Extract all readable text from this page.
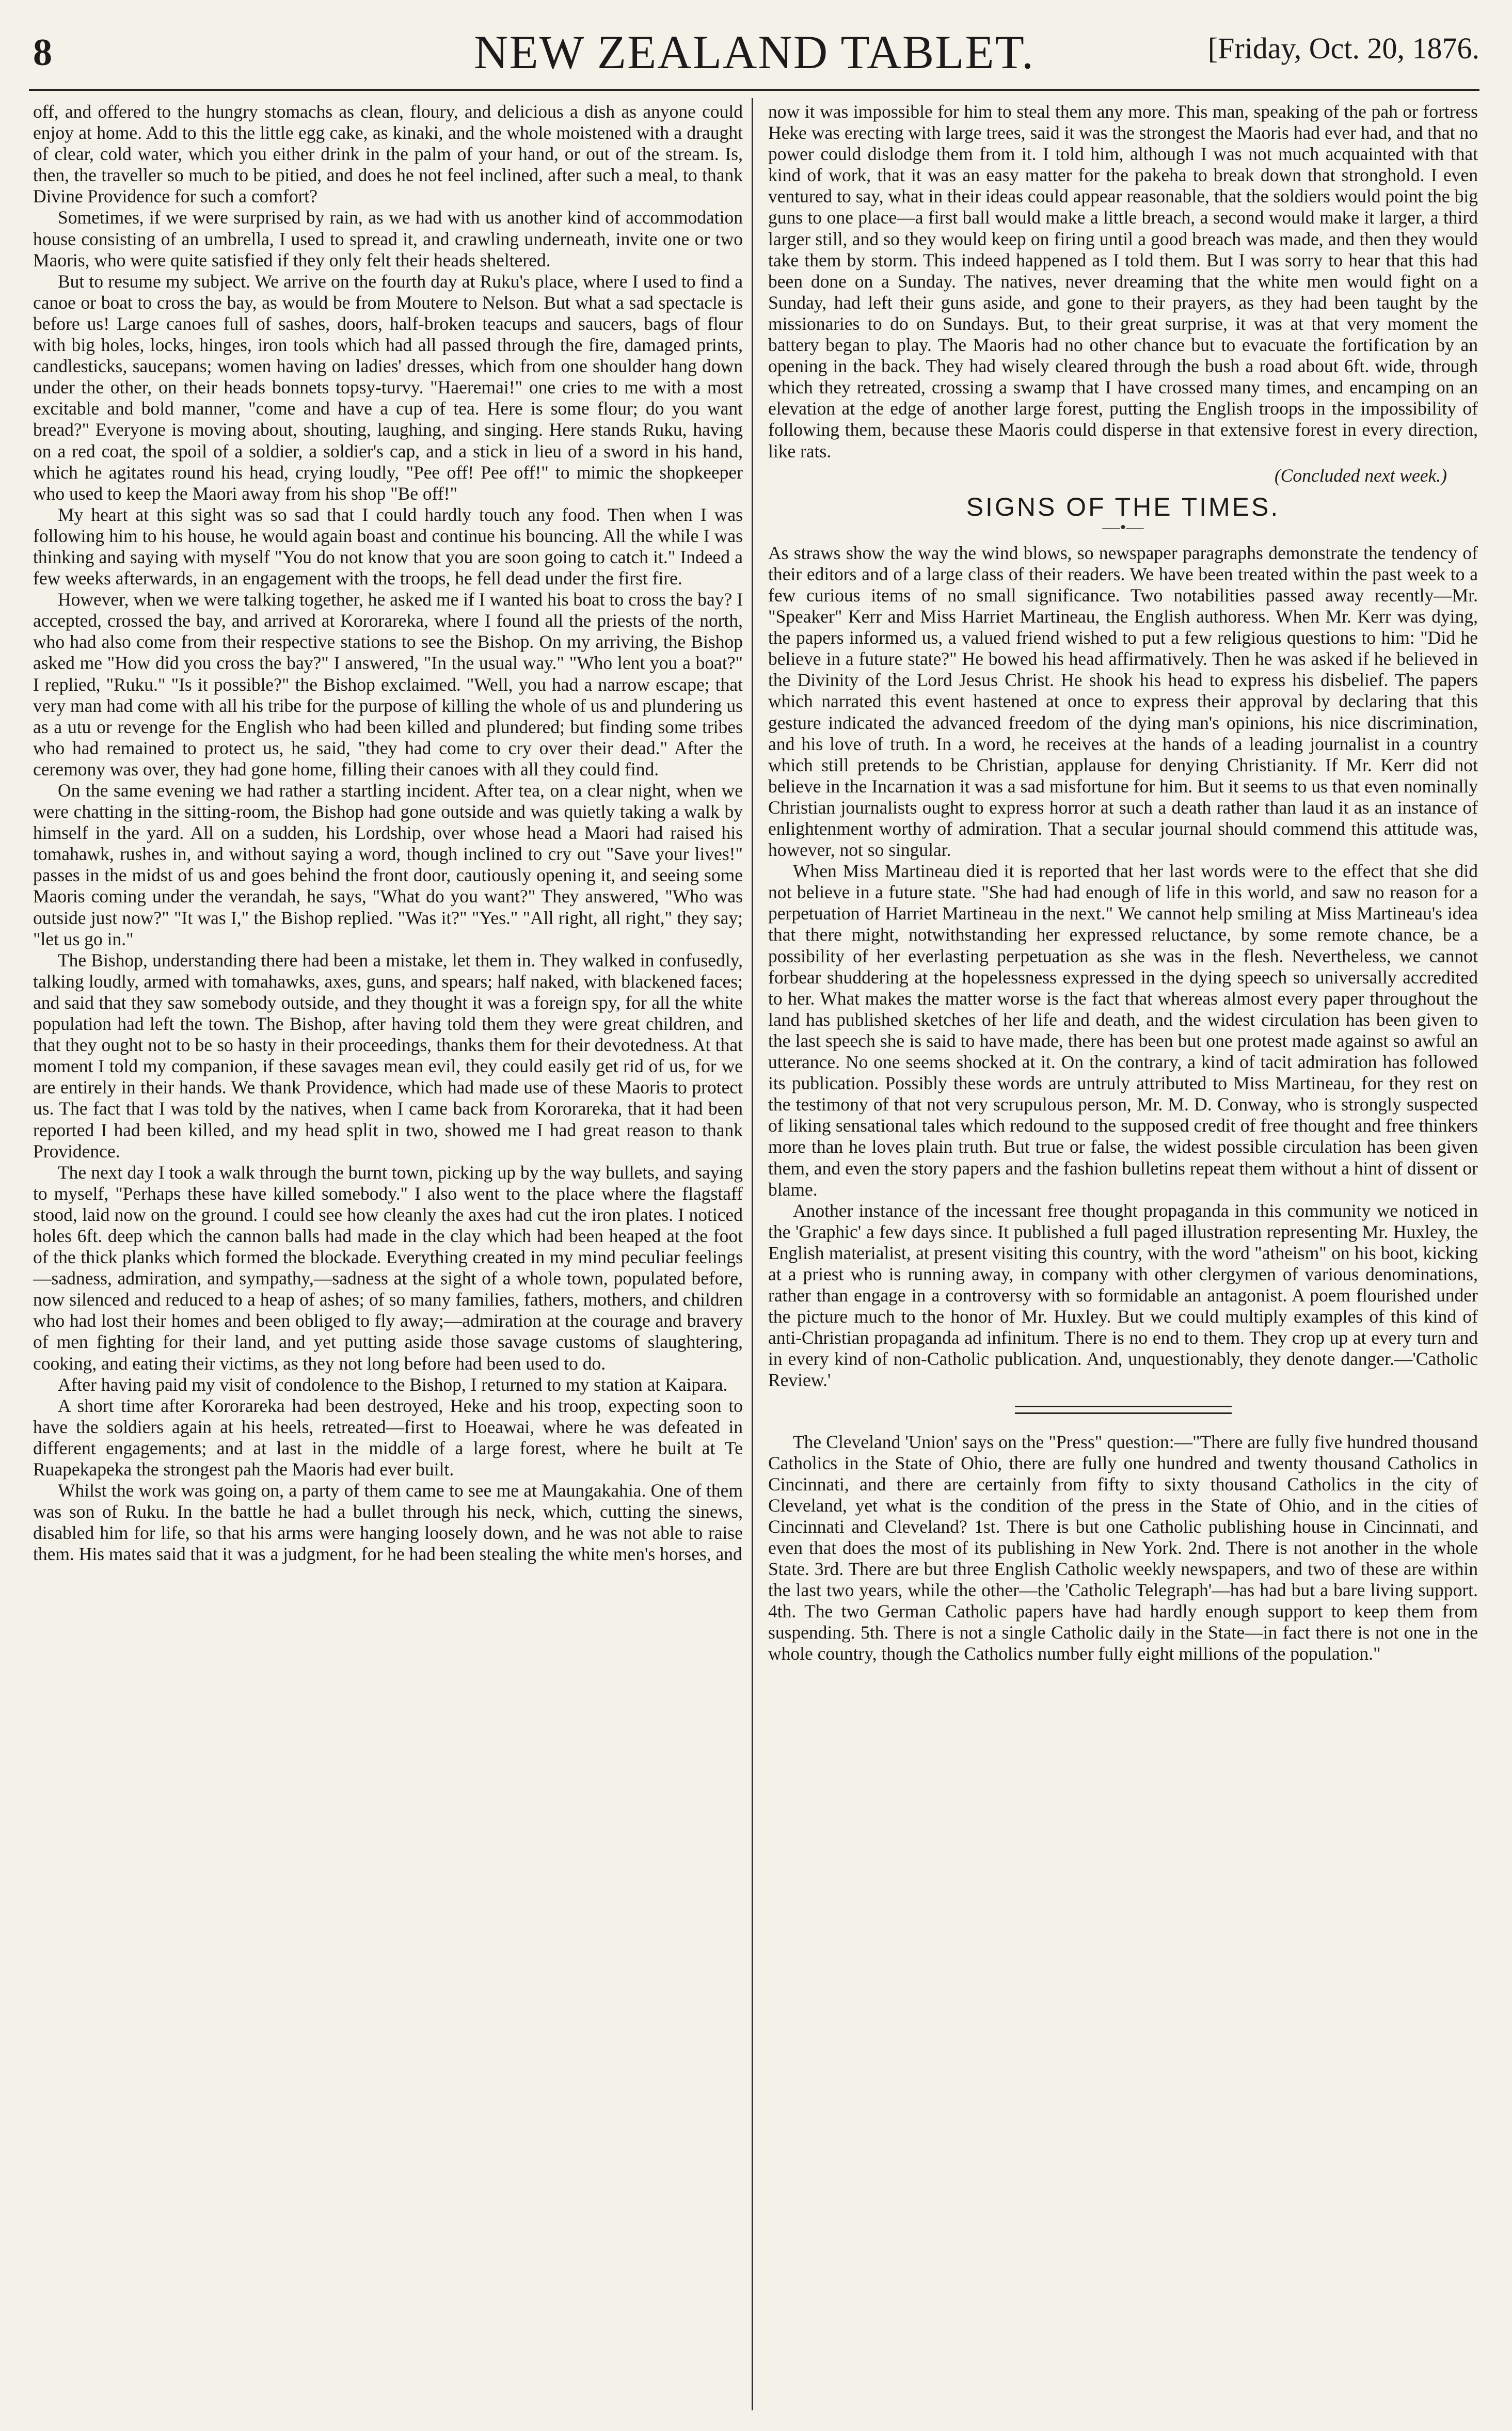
8	NEW ZEALAND TABLET.	[Friday, Oct. 20, 1876.

off, and offered to the hungry stomachs as clean, floury, and delicious a dish as anyone could enjoy at home. Add to this the little egg cake, as kinaki, and the whole moistened with a draught of clear, cold water, which you either drink in the palm of your hand, or out of the stream. Is, then, the traveller so much to be pitied, and does he not feel inclined, after such a meal, to thank Divine Providence for such a comfort?

Sometimes, if we were surprised by rain, as we had with us another kind of accommodation house consisting of an umbrella, I used to spread it, and crawling underneath, invite one or two Maoris, who were quite satisfied if they only felt their heads sheltered.

But to resume my subject. We arrive on the fourth day at Ruku's place, where I used to find a canoe or boat to cross the bay, as would be from Moutere to Nelson. But what a sad spectacle is before us! Large canoes full of sashes, doors, half-broken teacups and saucers, bags of flour with big holes, locks, hinges, iron tools which had all passed through the fire, damaged prints, candlesticks, saucepans; women having on ladies' dresses, which from one shoulder hang down under the other, on their heads bonnets topsy-turvy. "Haeremai!" one cries to me with a most excitable and bold manner, "come and have a cup of tea. Here is some flour; do you want bread?" Everyone is moving about, shouting, laughing, and singing. Here stands Ruku, having on a red coat, the spoil of a soldier, a soldier's cap, and a stick in lieu of a sword in his hand, which he agitates round his head, crying loudly, "Pee off! Pee off!" to mimic the shopkeeper who used to keep the Maori away from his shop "Be off!"

My heart at this sight was so sad that I could hardly touch any food. Then when I was following him to his house, he would again boast and continue his bouncing. All the while I was thinking and saying with myself "You do not know that you are soon going to catch it." Indeed a few weeks afterwards, in an engagement with the troops, he fell dead under the first fire.

However, when we were talking together, he asked me if I wanted his boat to cross the bay? I accepted, crossed the bay, and arrived at Kororareka, where I found all the priests of the north, who had also come from their respective stations to see the Bishop. On my arriving, the Bishop asked me "How did you cross the bay?" I answered, "In the usual way." "Who lent you a boat?" I replied, "Ruku." "Is it possible?" the Bishop exclaimed. "Well, you had a narrow escape; that very man had come with all his tribe for the purpose of killing the whole of us and plundering us as a utu or revenge for the English who had been killed and plundered; but finding some tribes who had remained to protect us, he said, "they had come to cry over their dead." After the ceremony was over, they had gone home, filling their canoes with all they could find.

On the same evening we had rather a startling incident. After tea, on a clear night, when we were chatting in the sitting-room, the Bishop had gone outside and was quietly taking a walk by himself in the yard. All on a sudden, his Lordship, over whose head a Maori had raised his tomahawk, rushes in, and without saying a word, though inclined to cry out "Save your lives!" passes in the midst of us and goes behind the front door, cautiously opening it, and seeing some Maoris coming under the verandah, he says, "What do you want?" They answered, "Who was outside just now?" "It was I," the Bishop replied. "Was it?" "Yes." "All right, all right," they say; "let us go in."

The Bishop, understanding there had been a mistake, let them in. They walked in confusedly, talking loudly, armed with tomahawks, axes, guns, and spears; half naked, with blackened faces; and said that they saw somebody outside, and they thought it was a foreign spy, for all the white population had left the town. The Bishop, after having told them they were great children, and that they ought not to be so hasty in their proceedings, thanks them for their devotedness. At that moment I told my companion, if these savages mean evil, they could easily get rid of us, for we are entirely in their hands. We thank Providence, which had made use of these Maoris to protect us. The fact that I was told by the natives, when I came back from Kororareka, that it had been reported I had been killed, and my head split in two, showed me I had great reason to thank Providence.

The next day I took a walk through the burnt town, picking up by the way bullets, and saying to myself, "Perhaps these have killed somebody." I also went to the place where the flagstaff stood, laid now on the ground. I could see how cleanly the axes had cut the iron plates. I noticed holes 6ft. deep which the cannon balls had made in the clay which had been heaped at the foot of the thick planks which formed the blockade. Everything created in my mind peculiar feelings—sadness, admiration, and sympathy,—sadness at the sight of a whole town, populated before, now silenced and reduced to a heap of ashes; of so many families, fathers, mothers, and children who had lost their homes and been obliged to fly away;—admiration at the courage and bravery of men fighting for their land, and yet putting aside those savage customs of slaughtering, cooking, and eating their victims, as they not long before had been used to do.

After having paid my visit of condolence to the Bishop, I returned to my station at Kaipara.

A short time after Kororareka had been destroyed, Heke and his troop, expecting soon to have the soldiers again at his heels, retreated—first to Hoeawai, where he was defeated in different engagements; and at last in the middle of a large forest, where he built at Te Ruapekapeka the strongest pah the Maoris had ever built.

Whilst the work was going on, a party of them came to see me at Maungakahia. One of them was son of Ruku. In the battle he had a bullet through his neck, which, cutting the sinews, disabled him for life, so that his arms were hanging loosely down, and he was not able to raise them. His mates said that it was a judgment, for he had been stealing the white men's horses, and

now it was impossible for him to steal them any more. This man, speaking of the pah or fortress Heke was erecting with large trees, said it was the strongest the Maoris had ever had, and that no power could dislodge them from it. I told him, although I was not much acquainted with that kind of work, that it was an easy matter for the pakeha to break down that stronghold. I even ventured to say, what in their ideas could appear reasonable, that the soldiers would point the big guns to one place—a first ball would make a little breach, a second would make it larger, a third larger still, and so they would keep on firing until a good breach was made, and then they would take them by storm. This indeed happened as I told them. But I was sorry to hear that this had been done on a Sunday. The natives, never dreaming that the white men would fight on a Sunday, had left their guns aside, and gone to their prayers, as they had been taught by the missionaries to do on Sundays. But, to their great surprise, it was at that very moment the battery began to play. The Maoris had no other chance but to evacuate the fortification by an opening in the back. They had wisely cleared through the bush a road about 6ft. wide, through which they retreated, crossing a swamp that I have crossed many times, and encamping on an elevation at the edge of another large forest, putting the English troops in the impossibility of following them, because these Maoris could disperse in that extensive forest in every direction, like rats.

(Concluded next week.)
SIGNS OF THE TIMES.
—•—

As straws show the way the wind blows, so newspaper paragraphs demonstrate the tendency of their editors and of a large class of their readers. We have been treated within the past week to a few curious items of no small significance. Two notabilities passed away recently—Mr. "Speaker" Kerr and Miss Harriet Martineau, the English authoress. When Mr. Kerr was dying, the papers informed us, a valued friend wished to put a few religious questions to him: "Did he believe in a future state?" He bowed his head affirmatively. Then he was asked if he believed in the Divinity of the Lord Jesus Christ. He shook his head to express his disbelief. The papers which narrated this event hastened at once to express their approval by declaring that this gesture indicated the advanced freedom of the dying man's opinions, his nice discrimination, and his love of truth. In a word, he receives at the hands of a leading journalist in a country which still pretends to be Christian, applause for denying Christianity. If Mr. Kerr did not believe in the Incarnation it was a sad misfortune for him. But it seems to us that even nominally Christian journalists ought to express horror at such a death rather than laud it as an instance of enlightenment worthy of admiration. That a secular journal should commend this attitude was, however, not so singular.

When Miss Martineau died it is reported that her last words were to the effect that she did not believe in a future state. "She had had enough of life in this world, and saw no reason for a perpetuation of Harriet Martineau in the next." We cannot help smiling at Miss Martineau's idea that there might, notwithstanding her expressed reluctance, by some remote chance, be a possibility of her everlasting perpetuation as she was in the flesh. Nevertheless, we cannot forbear shuddering at the hopelessness expressed in the dying speech so universally accredited to her. What makes the matter worse is the fact that whereas almost every paper throughout the land has published sketches of her life and death, and the widest circulation has been given to the last speech she is said to have made, there has been but one protest made against so awful an utterance. No one seems shocked at it. On the contrary, a kind of tacit admiration has followed its publication. Possibly these words are untruly attributed to Miss Martineau, for they rest on the testimony of that not very scrupulous person, Mr. M. D. Conway, who is strongly suspected of liking sensational tales which redound to the supposed credit of free thought and free thinkers more than he loves plain truth. But true or false, the widest possible circulation has been given them, and even the story papers and the fashion bulletins repeat them without a hint of dissent or blame.

Another instance of the incessant free thought propaganda in this community we noticed in the 'Graphic' a few days since. It published a full paged illustration representing Mr. Huxley, the English materialist, at present visiting this country, with the word "atheism" on his boot, kicking at a priest who is running away, in company with other clergymen of various denominations, rather than engage in a controversy with so formidable an antagonist. A poem flourished under the picture much to the honor of Mr. Huxley. But we could multiply examples of this kind of anti-Christian propaganda ad infinitum. There is no end to them. They crop up at every turn and in every kind of non-Catholic publication. And, unquestionably, they denote danger.—'Catholic Review.'

The Cleveland 'Union' says on the "Press" question:—"There are fully five hundred thousand Catholics in the State of Ohio, there are fully one hundred and twenty thousand Catholics in Cincinnati, and there are certainly from fifty to sixty thousand Catholics in the city of Cleveland, yet what is the condition of the press in the State of Ohio, and in the cities of Cincinnati and Cleveland? 1st. There is but one Catholic publishing house in Cincinnati, and even that does the most of its publishing in New York. 2nd. There is not another in the whole State. 3rd. There are but three English Catholic weekly newspapers, and two of these are within the last two years, while the other—the 'Catholic Telegraph'—has had but a bare living support. 4th. The two German Catholic papers have had hardly enough support to keep them from suspending. 5th. There is not a single Catholic daily in the State—in fact there is not one in the whole country, though the Catholics number fully eight millions of the population."
